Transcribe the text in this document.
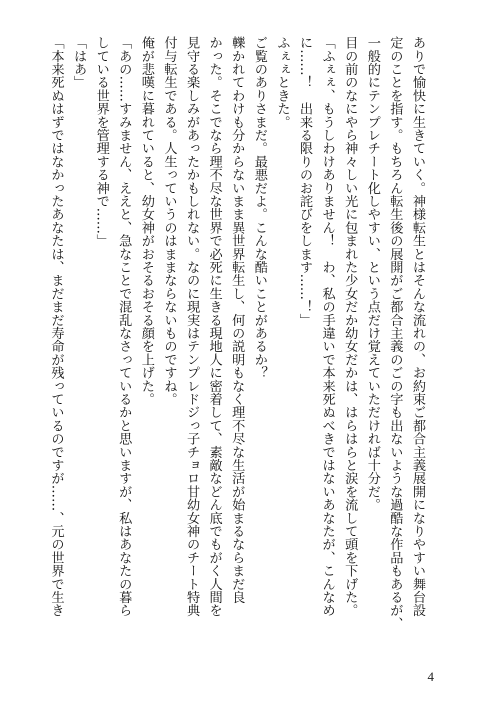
ありで愉快に生きていく。神様転生とはそんな流れの、お約束ご都合主義展開になりやすい舞台設
定のことを指す。もちろん転生後の展開がご都合主義のごの字も出ないような過酷な作品もあるが、
一般的にテンプレチート化しやすい、という点だけ覚えていただければ十分だ。
目の前のなにやら神々しい光に包まれた少女だか幼女だかは、はらはらと涙を流して頭を下げた。
「ふぇぇ、もうしわけありません！　わ、私の手違いで本来死ぬべきではないあなたが、こんなめ
に……！　出来る限りのお詫びをします……！」
ふぇぇときた。
ご覧のありさまだ。最悪だよ。こんな酷いことがあるか？
轢かれてわけも分からないまま異世界転生し、何の説明もなく理不尽な生活が始まるならまだ良
かった。そこでなら理不尽な世界で必死に生きる現地人に密着して、素敵などん底でもがく人間を
見守る楽しみがあったかもしれない。なのに現実はテンプレドジっ子チョロ甘幼女神のチート特典
付与転生である。人生っていうのはままならないものですね。
俺が悲嘆に暮れていると、幼女神がおそるおそる顔を上げた。
「あの……すみません、ええと、急なことで混乱なさっているかと思いますが、私はあなたの暮ら
している世界を管理する神で……」
「はあ」
「本来死ぬはずではなかったあなたは、まだまだ寿命が残っているのですが……、元の世界で生き
4
